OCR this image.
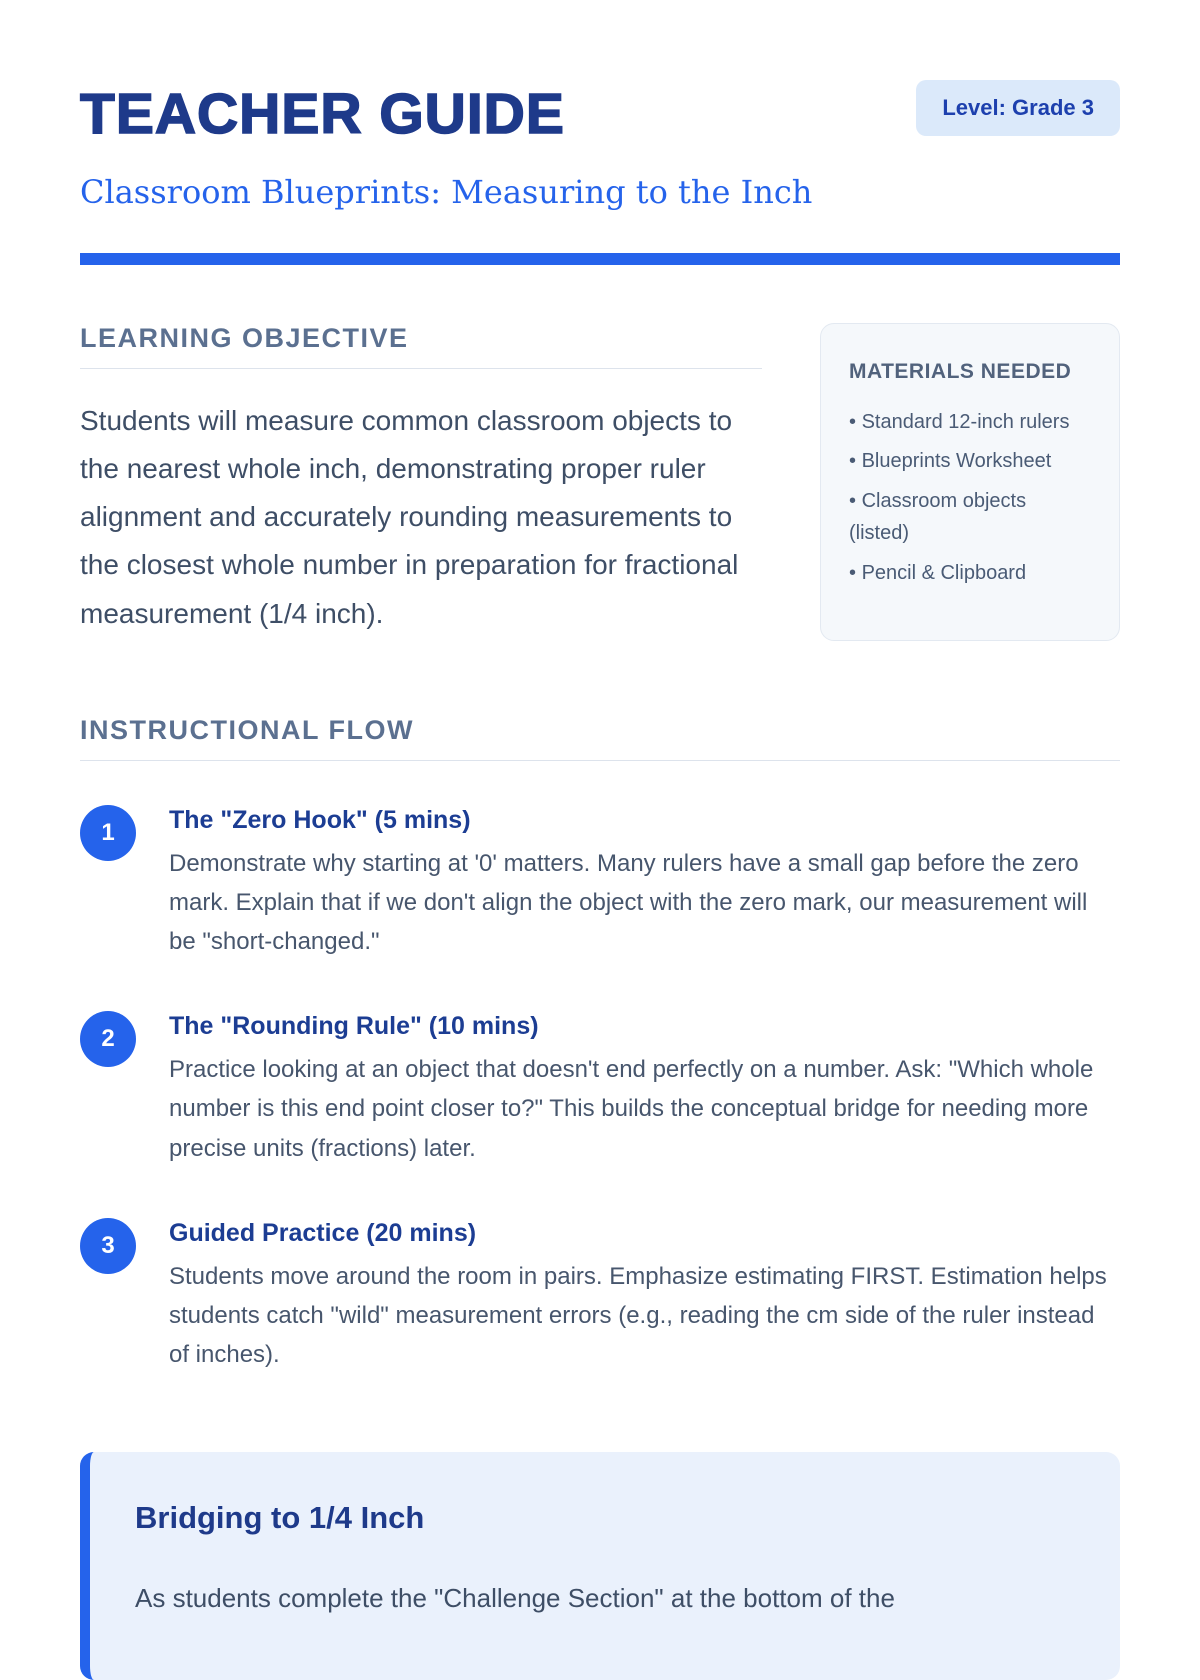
TEACHER GUIDE	Level: Grade 3
Classroom Blueprints: Measuring to the Inch
LEARNING OBJECTIVE

Students will measure common classroom objects to the nearest whole inch, demonstrating proper ruler alignment and accurately rounding measurements to the closest whole number in preparation for fractional measurement (1/4 inch).

MATERIALS NEEDED
• Standard 12-inch rulers
• Blueprints Worksheet
• Classroom objects (listed)
• Pencil & Clipboard
INSTRUCTIONAL FLOW
1	The "Zero Hook" (5 mins)

Demonstrate why starting at '0' matters. Many rulers have a small gap before the zero mark. Explain that if we don't align the object with the zero mark, our measurement will be "short-changed."

2	The "Rounding Rule" (10 mins)

Practice looking at an object that doesn't end perfectly on a number. Ask: "Which whole number is this end point closer to?" This builds the conceptual bridge for needing more precise units (fractions) later.

3	Guided Practice (20 mins)

Students move around the room in pairs. Emphasize estimating FIRST. Estimation helps students catch "wild" measurement errors (e.g., reading the cm side of the ruler instead of inches).

Bridging to 1/4 Inch

As students complete the "Challenge Section" at the bottom of the
